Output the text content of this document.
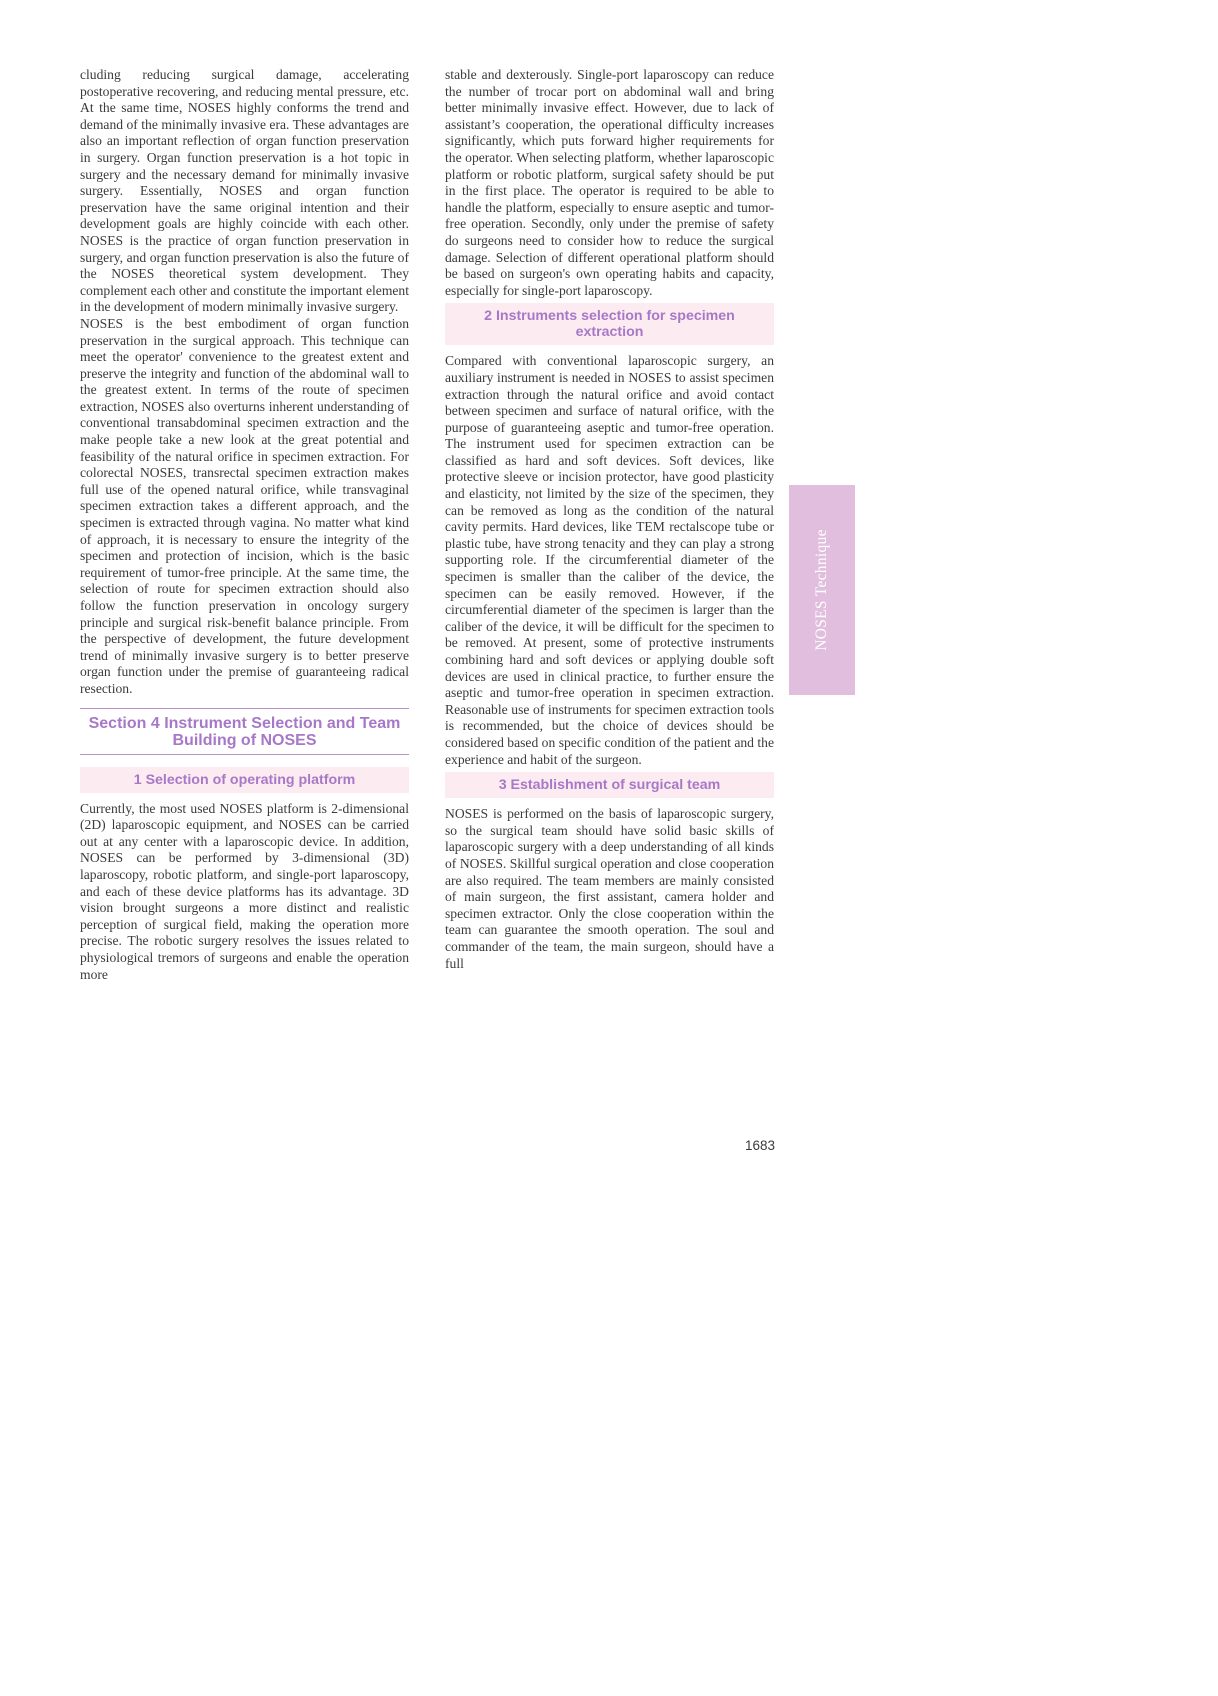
cluding reducing surgical damage, accelerating postoperative recovering, and reducing mental pressure, etc. At the same time, NOSES highly conforms the trend and demand of the minimally invasive era. These advantages are also an important reflection of organ function preservation in surgery. Organ function preservation is a hot topic in surgery and the necessary demand for minimally invasive surgery. Essentially, NOSES and organ function preservation have the same original intention and their development goals are highly coincide with each other. NOSES is the practice of organ function preservation in surgery, and organ function preservation is also the future of the NOSES theoretical system development. They complement each other and constitute the important element in the development of modern minimally invasive surgery.

NOSES is the best embodiment of organ function preservation in the surgical approach. This technique can meet the operator' convenience to the greatest extent and preserve the integrity and function of the abdominal wall to the greatest extent. In terms of the route of specimen extraction, NOSES also overturns inherent understanding of conventional transabdominal specimen extraction and the make people take a new look at the great potential and feasibility of the natural orifice in specimen extraction. For colorectal NOSES, transrectal specimen extraction makes full use of the opened natural orifice, while transvaginal specimen extraction takes a different approach, and the specimen is extracted through vagina. No matter what kind of approach, it is necessary to ensure the integrity of the specimen and protection of incision, which is the basic requirement of tumor-free principle. At the same time, the selection of route for specimen extraction should also follow the function preservation in oncology surgery principle and surgical risk-benefit balance principle. From the perspective of development, the future development trend of minimally invasive surgery is to better preserve organ function under the premise of guaranteeing radical resection.

Section 4 Instrument Selection and Team Building of NOSES
1 Selection of operating platform

Currently, the most used NOSES platform is 2-dimensional (2D) laparoscopic equipment, and NOSES can be carried out at any center with a laparoscopic device. In addition, NOSES can be performed by 3-dimensional (3D) laparoscopy, robotic platform, and single-port laparoscopy, and each of these device platforms has its advantage. 3D vision brought surgeons a more distinct and realistic perception of surgical field, making the operation more precise. The robotic surgery resolves the issues related to physiological tremors of surgeons and enable the operation more

stable and dexterously. Single-port laparoscopy can reduce the number of trocar port on abdominal wall and bring better minimally invasive effect. However, due to lack of assistant’s cooperation, the operational difficulty increases significantly, which puts forward higher requirements for the operator. When selecting platform, whether laparoscopic platform or robotic platform, surgical safety should be put in the first place. The operator is required to be able to handle the platform, especially to ensure aseptic and tumor-free operation. Secondly, only under the premise of safety do surgeons need to consider how to reduce the surgical damage. Selection of different operational platform should be based on surgeon's own operating habits and capacity, especially for single-port laparoscopy.

2 Instruments selection for specimen extraction

Compared with conventional laparoscopic surgery, an auxiliary instrument is needed in NOSES to assist specimen extraction through the natural orifice and avoid contact between specimen and surface of natural orifice, with the purpose of guaranteeing aseptic and tumor-free operation. The instrument used for specimen extraction can be classified as hard and soft devices. Soft devices, like protective sleeve or incision protector, have good plasticity and elasticity, not limited by the size of the specimen, they can be removed as long as the condition of the natural cavity permits. Hard devices, like TEM rectalscope tube or plastic tube, have strong tenacity and they can play a strong supporting role. If the circumferential diameter of the specimen is smaller than the caliber of the device, the specimen can be easily removed. However, if the circumferential diameter of the specimen is larger than the caliber of the device, it will be difficult for the specimen to be removed. At present, some of protective instruments combining hard and soft devices or applying double soft devices are used in clinical practice, to further ensure the aseptic and tumor-free operation in specimen extraction. Reasonable use of instruments for specimen extraction tools is recommended, but the choice of devices should be considered based on specific condition of the patient and the experience and habit of the surgeon.

3 Establishment of surgical team

NOSES is performed on the basis of laparoscopic surgery, so the surgical team should have solid basic skills of laparoscopic surgery with a deep understanding of all kinds of NOSES. Skillful surgical operation and close cooperation are also required. The team members are mainly consisted of main surgeon, the first assistant, camera holder and specimen extractor. Only the close cooperation within the team can guarantee the smooth operation. The soul and commander of the team, the main surgeon, should have a full

NOSES Technique
1683
